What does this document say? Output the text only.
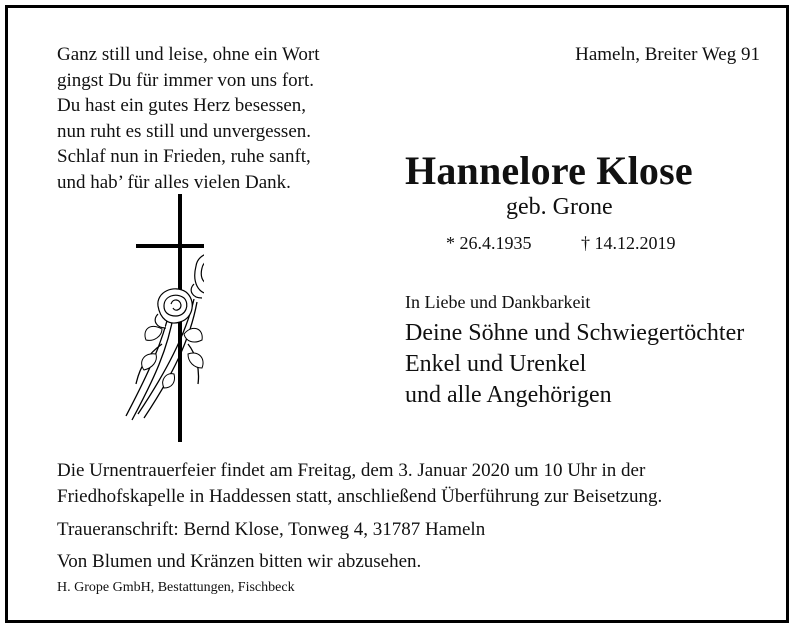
Ganz still und leise, ohne ein Wort
gingst Du für immer von uns fort.
Du hast ein gutes Herz besessen,
nun ruht es still und unvergessen.
Schlaf nun in Frieden, ruhe sanft,
und hab’ für alles vielen Dank.
Hameln, Breiter Weg 91
Hannelore Klose
geb. Grone
* 26.4.1935	† 14.12.2019
In Liebe und Dankbarkeit
Deine Söhne und Schwiegertöchter
Enkel und Urenkel
und alle Angehörigen
Die Urnentrauerfeier findet am Freitag, dem 3. Januar 2020 um 10 Uhr in der
Friedhofskapelle in Haddessen statt, anschließend Überführung zur Beisetzung.
Traueranschrift: Bernd Klose, Tonweg 4, 31787 Hameln
Von Blumen und Kränzen bitten wir abzusehen.
H. Grope GmbH, Bestattungen, Fischbeck
